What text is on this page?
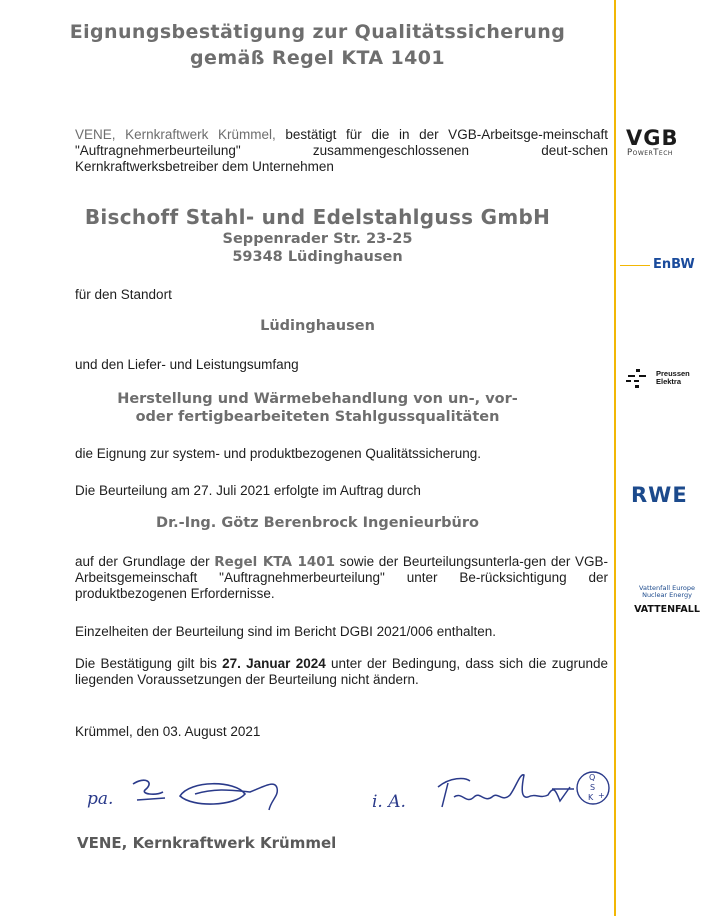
Eignungsbestätigung zur Qualitätssicherung
gemäß Regel KTA 1401

VENE, Kernkraftwerk Krümmel, bestätigt für die in der VGB-Arbeitsge-meinschaft "Auftragnehmerbeurteilung" zusammengeschlossenen deut-schen Kernkraftwerksbetreiber dem Unternehmen

Bischoff Stahl- und Edelstahlguss GmbH

Seppenrader Str. 23-25

59348 Lüdinghausen

für den Standort

Lüdinghausen

und den Liefer- und Leistungsumfang

Herstellung und Wärmebehandlung von un-, vor-

oder fertigbearbeiteten Stahlgussqualitäten

die Eignung zur system- und produktbezogenen Qualitätssicherung.

Die Beurteilung am 27. Juli 2021 erfolgte im Auftrag durch

Dr.-Ing. Götz Berenbrock Ingenieurbüro

auf der Grundlage der Regel KTA 1401 sowie der Beurteilungsunterla-gen der VGB-Arbeitsgemeinschaft "Auftragnehmerbeurteilung" unter Be-rücksichtigung der produktbezogenen Erfordernisse.

Einzelheiten der Beurteilung sind im Bericht DGBI 2021/006 enthalten.

Die Bestätigung gilt bis 27. Januar 2024 unter der Bedingung, dass sich die zugrunde liegenden Voraussetzungen der Beurteilung nicht ändern.

Krümmel, den 03. August 2021

pa.	i. A.
Q
S
K +

VENE, Kernkraftwerk Krümmel

VGB
PowerTech
EnBW
Preussen
Elektra
RWE
Vattenfall Europe
Nuclear Energy
VATTENFALL
